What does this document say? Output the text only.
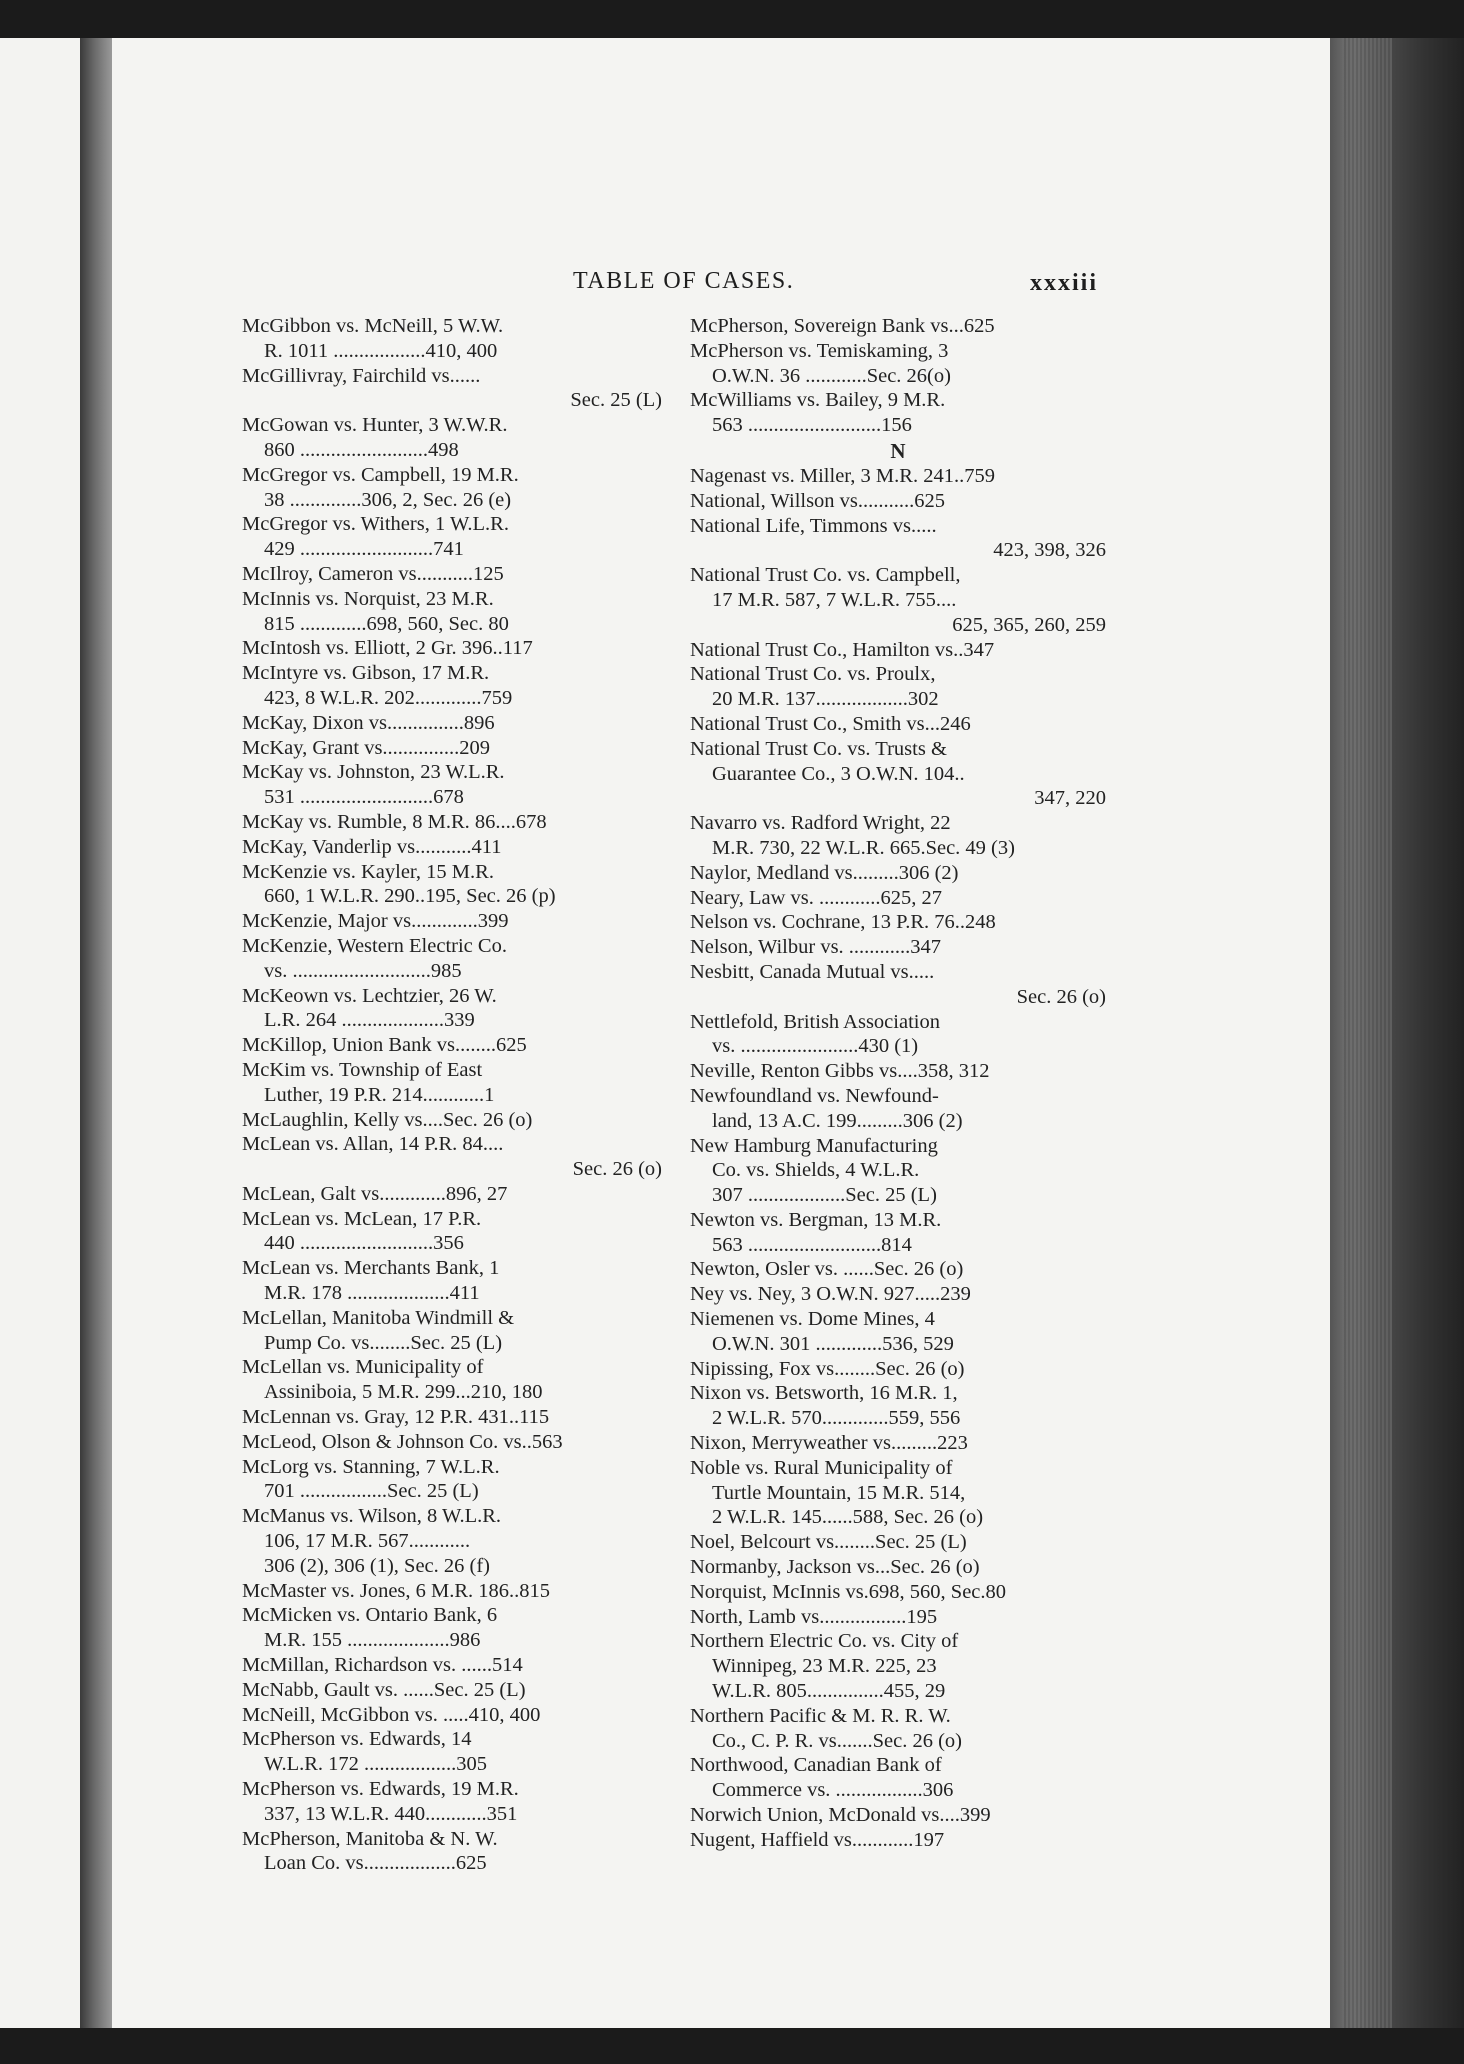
TABLE OF CASES.	xxxiii
McGibbon vs. McNeill, 5 W.W.
R. 1011 ..................410, 400
McGillivray, Fairchild vs......
Sec. 25 (L)
McGowan vs. Hunter, 3 W.W.R.
860 .........................498
McGregor vs. Campbell, 19 M.R.
38 ..............306, 2, Sec. 26 (e)
McGregor vs. Withers, 1 W.L.R.
429 ..........................741
McIlroy, Cameron vs...........125
McInnis vs. Norquist, 23 M.R.
815 .............698, 560, Sec. 80
McIntosh vs. Elliott, 2 Gr. 396..117
McIntyre vs. Gibson, 17 M.R.
423, 8 W.L.R. 202.............759
McKay, Dixon vs...............896
McKay, Grant vs...............209
McKay vs. Johnston, 23 W.L.R.
531 ..........................678
McKay vs. Rumble, 8 M.R. 86....678
McKay, Vanderlip vs...........411
McKenzie vs. Kayler, 15 M.R.
660, 1 W.L.R. 290..195, Sec. 26 (p)
McKenzie, Major vs.............399
McKenzie, Western Electric Co.
vs. ...........................985
McKeown vs. Lechtzier, 26 W.
L.R. 264 ....................339
McKillop, Union Bank vs........625
McKim vs. Township of East
Luther, 19 P.R. 214............1
McLaughlin, Kelly vs....Sec. 26 (o)
McLean vs. Allan, 14 P.R. 84....
Sec. 26 (o)
McLean, Galt vs.............896, 27
McLean vs. McLean, 17 P.R.
440 ..........................356
McLean vs. Merchants Bank, 1
M.R. 178 ....................411
McLellan, Manitoba Windmill &
Pump Co. vs........Sec. 25 (L)
McLellan vs. Municipality of
Assiniboia, 5 M.R. 299...210, 180
McLennan vs. Gray, 12 P.R. 431..115
McLeod, Olson & Johnson Co. vs..563
McLorg vs. Stanning, 7 W.L.R.
701 .................Sec. 25 (L)
McManus vs. Wilson, 8 W.L.R.
106, 17 M.R. 567............
306 (2), 306 (1), Sec. 26 (f)
McMaster vs. Jones, 6 M.R. 186..815
McMicken vs. Ontario Bank, 6
M.R. 155 ....................986
McMillan, Richardson vs. ......514
McNabb, Gault vs. ......Sec. 25 (L)
McNeill, McGibbon vs. .....410, 400
McPherson vs. Edwards, 14
W.L.R. 172 ..................305
McPherson vs. Edwards, 19 M.R.
337, 13 W.L.R. 440............351
McPherson, Manitoba & N. W.
Loan Co. vs..................625
McPherson, Sovereign Bank vs...625
McPherson vs. Temiskaming, 3
O.W.N. 36 ............Sec. 26(o)
McWilliams vs. Bailey, 9 M.R.
563 ..........................156
N
Nagenast vs. Miller, 3 M.R. 241..759
National, Willson vs...........625
National Life, Timmons vs.....
423, 398, 326
National Trust Co. vs. Campbell,
17 M.R. 587, 7 W.L.R. 755....
625, 365, 260, 259
National Trust Co., Hamilton vs..347
National Trust Co. vs. Proulx,
20 M.R. 137..................302
National Trust Co., Smith vs...246
National Trust Co. vs. Trusts &
Guarantee Co., 3 O.W.N. 104..
347, 220
Navarro vs. Radford Wright, 22
M.R. 730, 22 W.L.R. 665.Sec. 49 (3)
Naylor, Medland vs.........306 (2)
Neary, Law vs. ............625, 27
Nelson vs. Cochrane, 13 P.R. 76..248
Nelson, Wilbur vs. ............347
Nesbitt, Canada Mutual vs.....
Sec. 26 (o)
Nettlefold, British Association
vs. .......................430 (1)
Neville, Renton Gibbs vs....358, 312
Newfoundland vs. Newfound-
land, 13 A.C. 199.........306 (2)
New Hamburg Manufacturing
Co. vs. Shields, 4 W.L.R.
307 ...................Sec. 25 (L)
Newton vs. Bergman, 13 M.R.
563 ..........................814
Newton, Osler vs. ......Sec. 26 (o)
Ney vs. Ney, 3 O.W.N. 927.....239
Niemenen vs. Dome Mines, 4
O.W.N. 301 .............536, 529
Nipissing, Fox vs........Sec. 26 (o)
Nixon vs. Betsworth, 16 M.R. 1,
2 W.L.R. 570.............559, 556
Nixon, Merryweather vs.........223
Noble vs. Rural Municipality of
Turtle Mountain, 15 M.R. 514,
2 W.L.R. 145......588, Sec. 26 (o)
Noel, Belcourt vs........Sec. 25 (L)
Normanby, Jackson vs...Sec. 26 (o)
Norquist, McInnis vs.698, 560, Sec.80
North, Lamb vs.................195
Northern Electric Co. vs. City of
Winnipeg, 23 M.R. 225, 23
W.L.R. 805...............455, 29
Northern Pacific & M. R. R. W.
Co., C. P. R. vs.......Sec. 26 (o)
Northwood, Canadian Bank of
Commerce vs. .................306
Norwich Union, McDonald vs....399
Nugent, Haffield vs............197
